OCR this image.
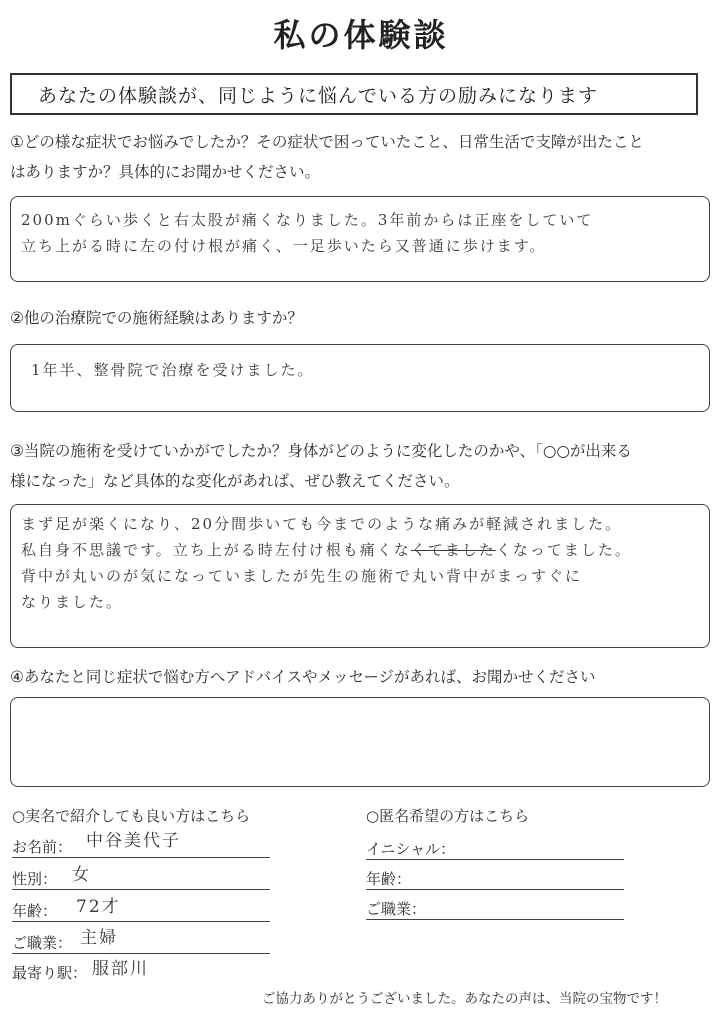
私の体験談
あなたの体験談が、同じように悩んでいる方の励みになります
①どの様な症状でお悩みでしたか？その症状で困っていたこと、日常生活で支障が出たこと
はありますか？具体的にお聞かせください。
200mぐらい歩くと右太股が痛くなりました。3年前からは正座をしていて
立ち上がる時に左の付け根が痛く、一足歩いたら又普通に歩けます。
②他の治療院での施術経験はありますか？
1年半、整骨院で治療を受けました。
③当院の施術を受けていかがでしたか？身体がどのように変化したのかや、「○○が出来る
様になった」など具体的な変化があれば、ぜひ教えてください。
まず足が楽くになり、20分間歩いても今までのような痛みが軽減されました。
私自身不思議です。立ち上がる時左付け根も痛くなくてましたくなってました。
背中が丸いのが気になっていましたが先生の施術で丸い背中がまっすぐに
なりました。
④あなたと同じ症状で悩む方へアドバイスやメッセージがあれば、お聞かせください
○実名で紹介しても良い方はこちら
お名前： 中谷美代子
性別： 女
年齢： 72才
ご職業： 主婦
最寄り駅： 服部川
○匿名希望の方はこちら
イニシャル：
年齢：
ご職業：
ご協力ありがとうございました。あなたの声は、当院の宝物です！
